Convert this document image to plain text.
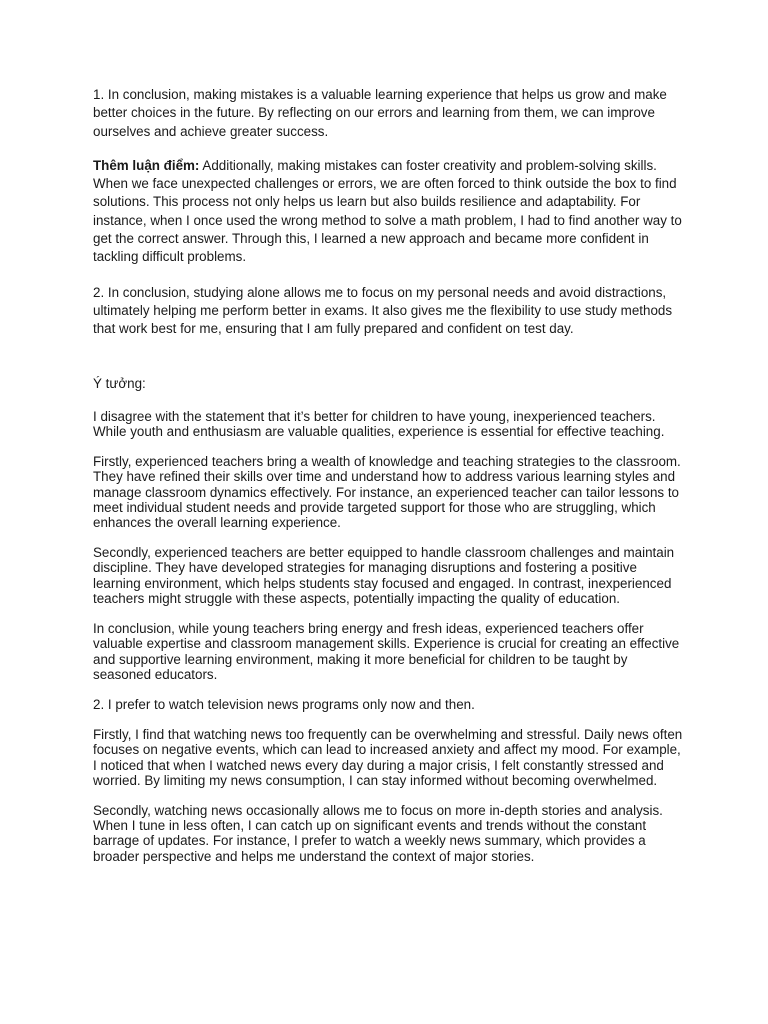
1. In conclusion, making mistakes is a valuable learning experience that helps us grow and make better choices in the future. By reflecting on our errors and learning from them, we can improve ourselves and achieve greater success.

Thêm luận điểm: Additionally, making mistakes can foster creativity and problem-solving skills. When we face unexpected challenges or errors, we are often forced to think outside the box to find solutions. This process not only helps us learn but also builds resilience and adaptability. For instance, when I once used the wrong method to solve a math problem, I had to find another way to get the correct answer. Through this, I learned a new approach and became more confident in tackling difficult problems.

2. In conclusion, studying alone allows me to focus on my personal needs and avoid distractions, ultimately helping me perform better in exams. It also gives me the flexibility to use study methods that work best for me, ensuring that I am fully prepared and confident on test day.

Ý tưởng:

I disagree with the statement that it’s better for children to have young, inexperienced teachers. While youth and enthusiasm are valuable qualities, experience is essential for effective teaching.

Firstly, experienced teachers bring a wealth of knowledge and teaching strategies to the classroom. They have refined their skills over time and understand how to address various learning styles and manage classroom dynamics effectively. For instance, an experienced teacher can tailor lessons to meet individual student needs and provide targeted support for those who are struggling, which enhances the overall learning experience.

Secondly, experienced teachers are better equipped to handle classroom challenges and maintain discipline. They have developed strategies for managing disruptions and fostering a positive learning environment, which helps students stay focused and engaged. In contrast, inexperienced teachers might struggle with these aspects, potentially impacting the quality of education.

In conclusion, while young teachers bring energy and fresh ideas, experienced teachers offer valuable expertise and classroom management skills. Experience is crucial for creating an effective and supportive learning environment, making it more beneficial for children to be taught by seasoned educators.

2. I prefer to watch television news programs only now and then.

Firstly, I find that watching news too frequently can be overwhelming and stressful. Daily news often focuses on negative events, which can lead to increased anxiety and affect my mood. For example, I noticed that when I watched news every day during a major crisis, I felt constantly stressed and worried. By limiting my news consumption, I can stay informed without becoming overwhelmed.

Secondly, watching news occasionally allows me to focus on more in-depth stories and analysis. When I tune in less often, I can catch up on significant events and trends without the constant barrage of updates. For instance, I prefer to watch a weekly news summary, which provides a broader perspective and helps me understand the context of major stories.
